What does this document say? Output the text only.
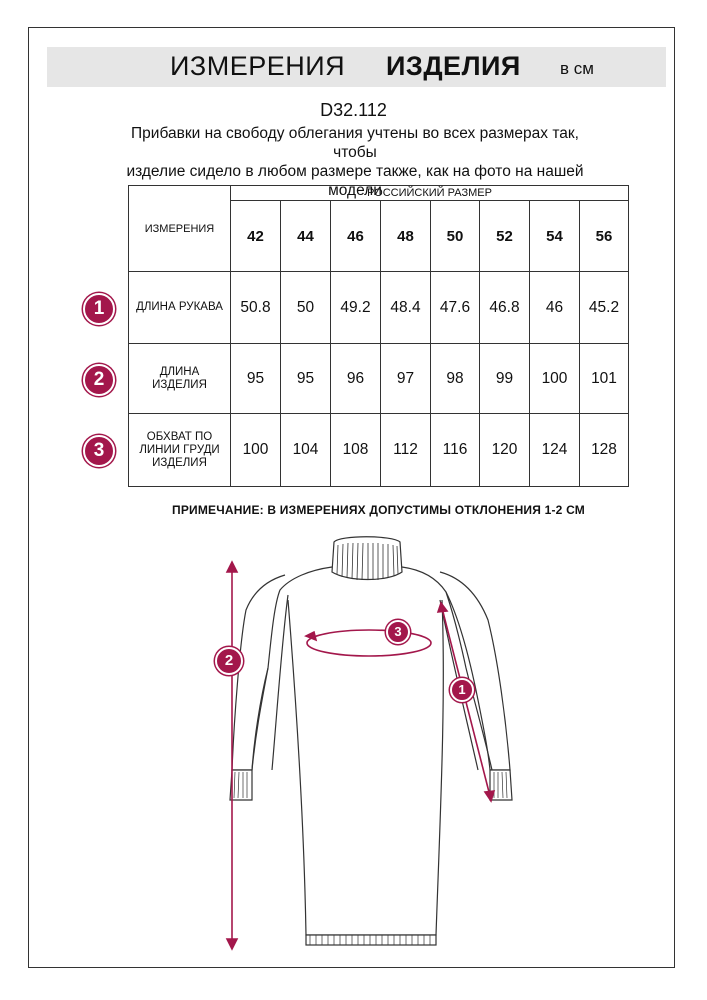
ИЗМЕРЕНИЯ ИЗДЕЛИЯ в см
D32.112
Прибавки на свободу облегания учтены во всех размерах так, чтобы
изделие сидело в любом размере также, как на фото на нашей
модели
ИЗМЕРЕНИЯ	РОССИЙСКИЙ РАЗМЕР							
	42	44	46	48	50	52	54	56

ДЛИНА РУКАВА	50.8	50	49.2	48.4	47.6	46.8	46	45.2

ДЛИНА
ИЗДЕЛИЯ	95	95	96	97	98	99	100	101

ОБХВАТ ПО
ЛИНИИ ГРУДИ
ИЗДЕЛИЯ	100	104	108	112	116	120	124	128
1
2
3
ПРИМЕЧАНИЕ: В ИЗМЕРЕНИЯХ ДОПУСТИМЫ ОТКЛОНЕНИЯ 1-2 СМ
2
3
1
